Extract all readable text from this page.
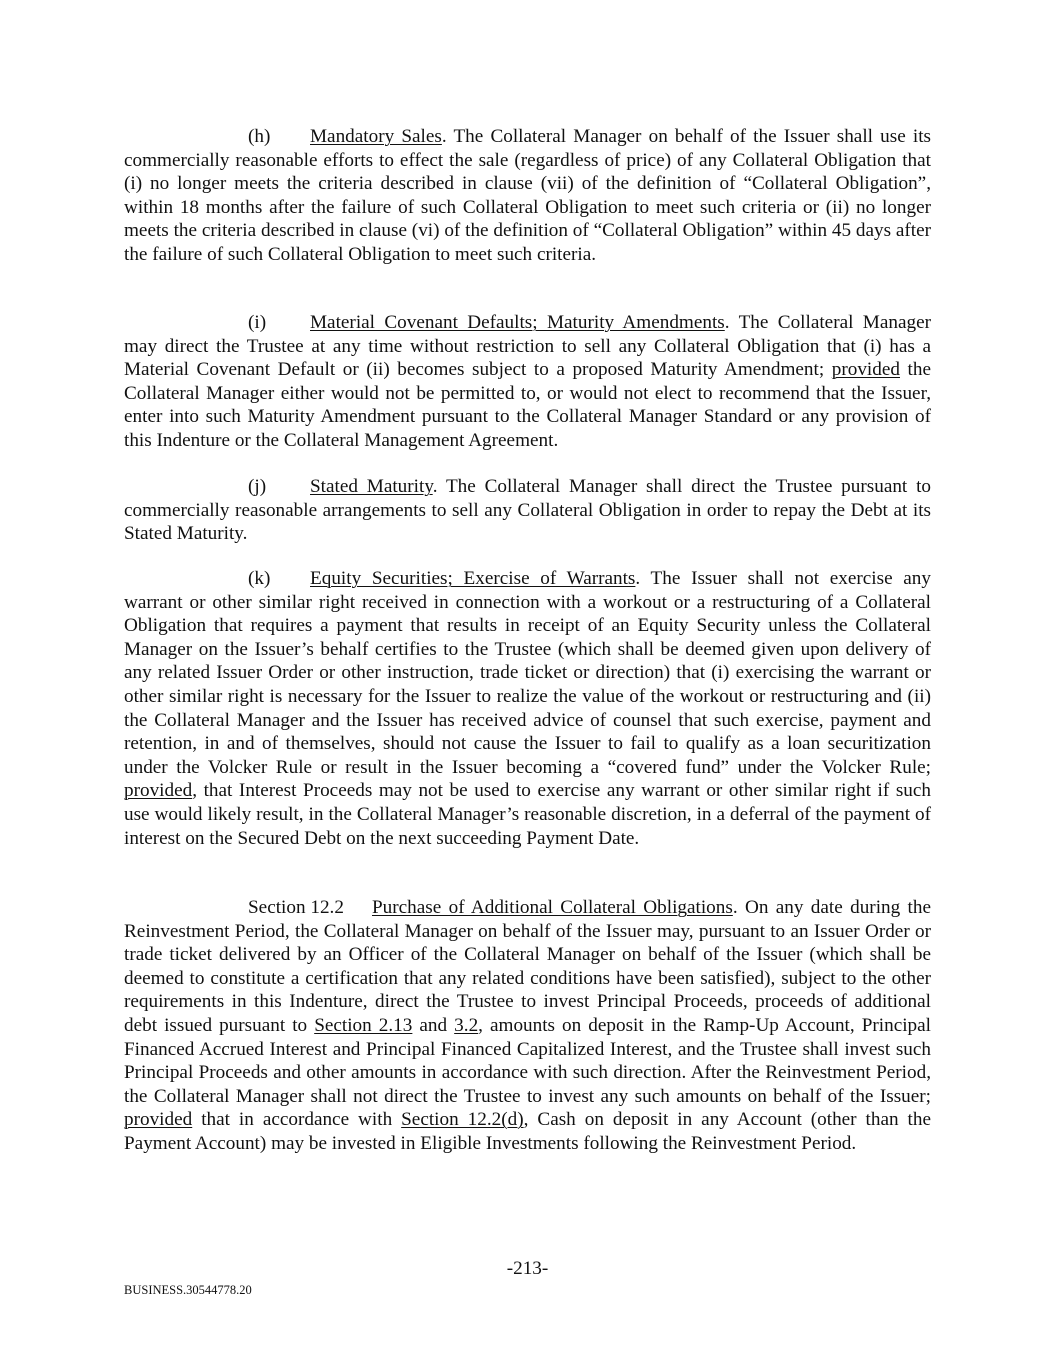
(h) Mandatory Sales. The Collateral Manager on behalf of the Issuer shall use its commercially reasonable efforts to effect the sale (regardless of price) of any Collateral Obligation that (i) no longer meets the criteria described in clause (vii) of the definition of “Collateral Obligation”, within 18 months after the failure of such Collateral Obligation to meet such criteria or (ii) no longer meets the criteria described in clause (vi) of the definition of “Collateral Obligation” within 45 days after the failure of such Collateral Obligation to meet such criteria.

(i) Material Covenant Defaults; Maturity Amendments. The Collateral Manager may direct the Trustee at any time without restriction to sell any Collateral Obligation that (i) has a Material Covenant Default or (ii) becomes subject to a proposed Maturity Amendment; provided the Collateral Manager either would not be permitted to, or would not elect to recommend that the Issuer, enter into such Maturity Amendment pursuant to the Collateral Manager Standard or any provision of this Indenture or the Collateral Management Agreement.

(j) Stated Maturity. The Collateral Manager shall direct the Trustee pursuant to commercially reasonable arrangements to sell any Collateral Obligation in order to repay the Debt at its Stated Maturity.

(k) Equity Securities; Exercise of Warrants. The Issuer shall not exercise any warrant or other similar right received in connection with a workout or a restructuring of a Collateral Obligation that requires a payment that results in receipt of an Equity Security unless the Collateral Manager on the Issuer’s behalf certifies to the Trustee (which shall be deemed given upon delivery of any related Issuer Order or other instruction, trade ticket or direction) that (i) exercising the warrant or other similar right is necessary for the Issuer to realize the value of the workout or restructuring and (ii) the Collateral Manager and the Issuer has received advice of counsel that such exercise, payment and retention, in and of themselves, should not cause the Issuer to fail to qualify as a loan securitization under the Volcker Rule or result in the Issuer becoming a “covered fund” under the Volcker Rule; provided, that Interest Proceeds may not be used to exercise any warrant or other similar right if such use would likely result, in the Collateral Manager’s reasonable discretion, in a deferral of the payment of interest on the Secured Debt on the next succeeding Payment Date.

Section 12.2 Purchase of Additional Collateral Obligations. On any date during the Reinvestment Period, the Collateral Manager on behalf of the Issuer may, pursuant to an Issuer Order or trade ticket delivered by an Officer of the Collateral Manager on behalf of the Issuer (which shall be deemed to constitute a certification that any related conditions have been satisfied), subject to the other requirements in this Indenture, direct the Trustee to invest Principal Proceeds, proceeds of additional debt issued pursuant to Section 2.13 and 3.2, amounts on deposit in the Ramp-Up Account, Principal Financed Accrued Interest and Principal Financed Capitalized Interest, and the Trustee shall invest such Principal Proceeds and other amounts in accordance with such direction. After the Reinvestment Period, the Collateral Manager shall not direct the Trustee to invest any such amounts on behalf of the Issuer; provided that in accordance with Section 12.2(d), Cash on deposit in any Account (other than the Payment Account) may be invested in Eligible Investments following the Reinvestment Period.

-213-
BUSINESS.30544778.20
